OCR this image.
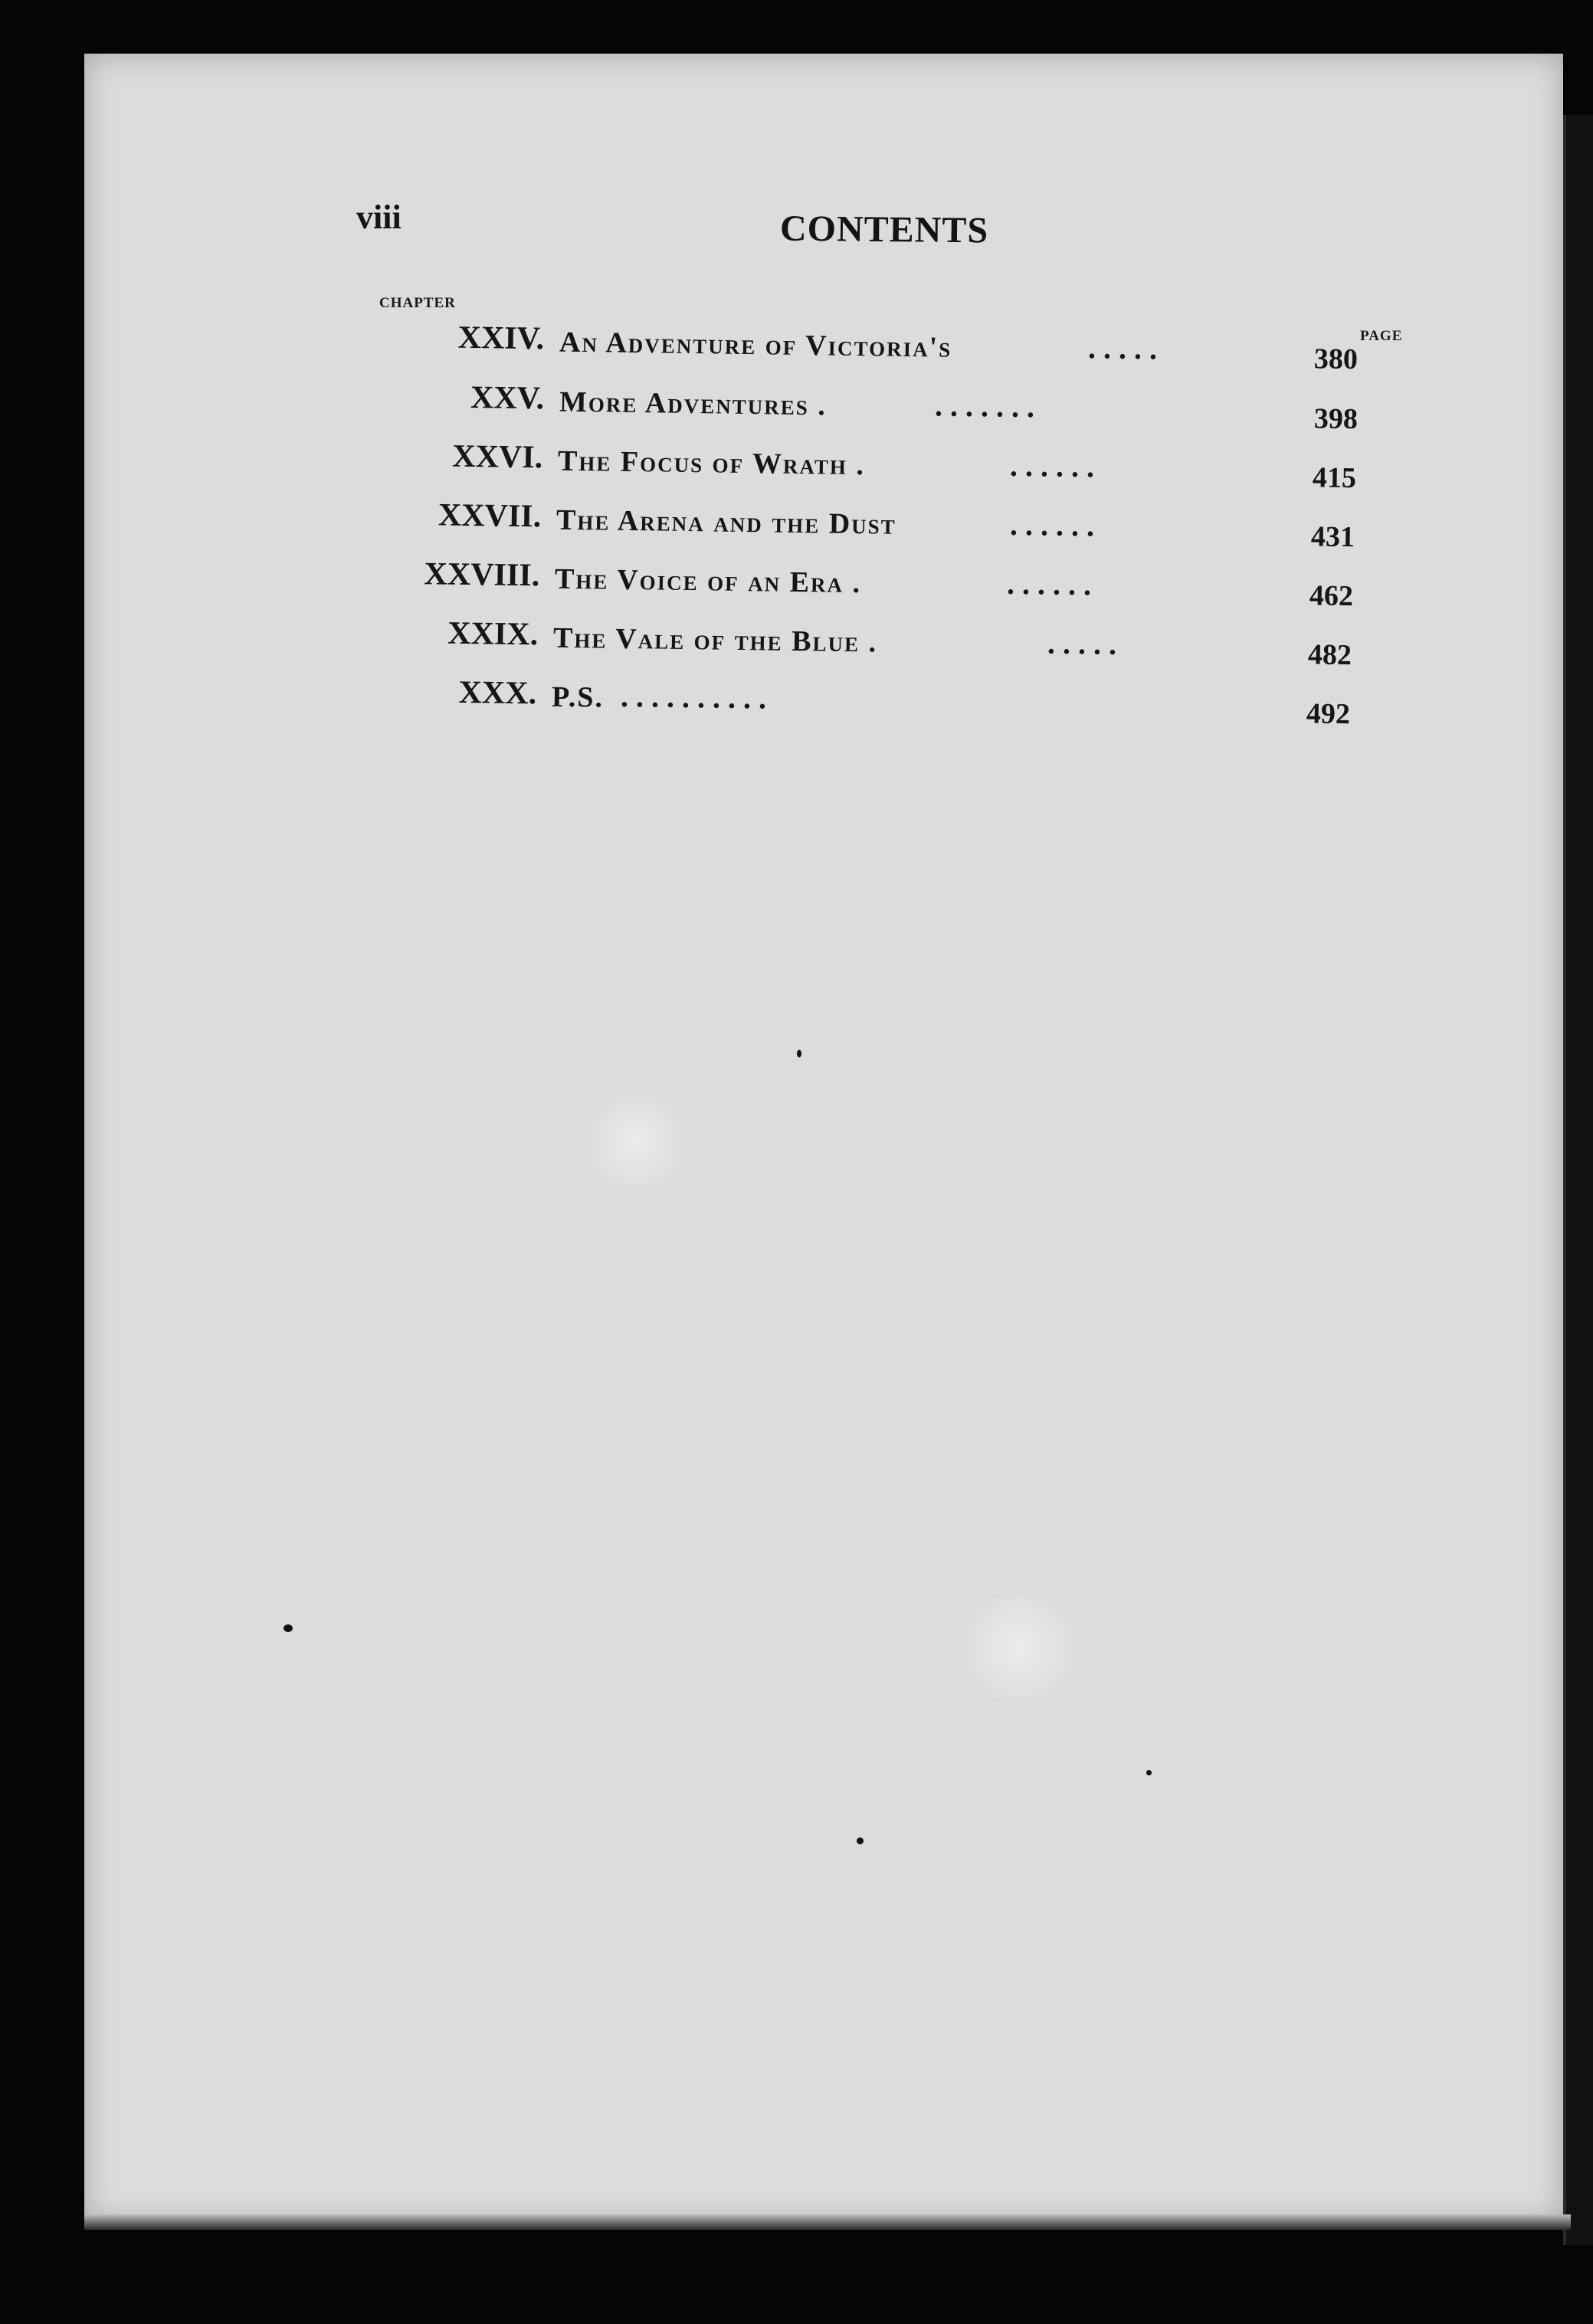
viii	CONTENTS
CHAPTER
PAGE
XXIV. An Adventure of Victoria's	. . . . .	380
XXV. More Adventures .	. . . . . . .	398
XXVI. The Focus of Wrath .	. . . . . .	415
XXVII. The Arena and the Dust	. . . . . .	431
XXVIII. The Voice of an Era .	. . . . . .	462
XXIX. The Vale of the Blue .	. . . . .	482
XXX. P.S. . . . . . . . . . .	492
